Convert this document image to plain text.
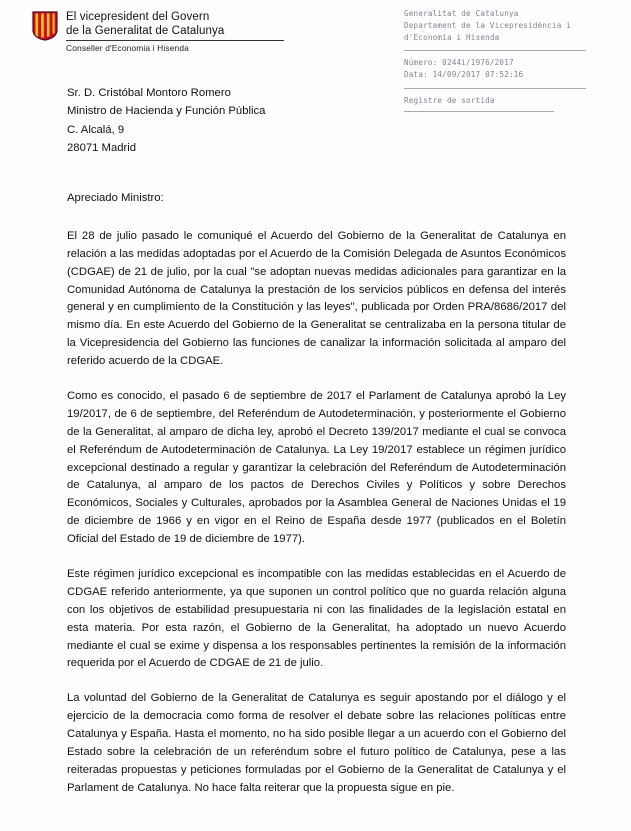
El vicepresident del Govern
de la Generalitat de Catalunya
Conseller d'Economia i Hisenda
Generalitat de Catalunya
Departament de la Vicepresidència i
d'Economia i Hisenda
Número: 0244i/1976/2017
Data: 14/09/2017 07:52:16
Registre de sortida
Sr. D. Cristóbal Montoro Romero
Ministro de Hacienda y Función Pública
C. Alcalá, 9
28071 Madrid

Apreciado Ministro:

El 28 de julio pasado le comuniqué el Acuerdo del Gobierno de la Generalitat de Catalunya en relación a las medidas adoptadas por el Acuerdo de la Comisión Delegada de Asuntos Económicos (CDGAE) de 21 de julio, por la cual "se adoptan nuevas medidas adicionales para garantizar en la Comunidad Autónoma de Catalunya la prestación de los servicios públicos en defensa del interés general y en cumplimiento de la Constitución y las leyes", publicada por Orden PRA/8686/2017 del mismo día. En este Acuerdo del Gobierno de la Generalitat se centralizaba en la persona titular de la Vicepresidencia del Gobierno las funciones de canalizar la información solicitada al amparo del referido acuerdo de la CDGAE.

Como es conocido, el pasado 6 de septiembre de 2017 el Parlament de Catalunya aprobó la Ley 19/2017, de 6 de septiembre, del Referéndum de Autodeterminación, y posteriormente el Gobierno de la Generalitat, al amparo de dicha ley, aprobó el Decreto 139/2017 mediante el cual se convoca el Referéndum de Autodeterminación de Catalunya. La Ley 19/2017 establece un régimen jurídico excepcional destinado a regular y garantizar la celebración del Referéndum de Autodeterminación de Catalunya, al amparo de los pactos de Derechos Civiles y Políticos y sobre Derechos Económicos, Sociales y Culturales, aprobados por la Asamblea General de Naciones Unidas el 19 de diciembre de 1966 y en vigor en el Reino de España desde 1977 (publicados en el Boletín Oficial del Estado de 19 de diciembre de 1977).

Este régimen jurídico excepcional es incompatible con las medidas establecidas en el Acuerdo de CDGAE referido anteriormente, ya que suponen un control político que no guarda relación alguna con los objetivos de estabilidad presupuestaria ni con las finalidades de la legislación estatal en esta materia. Por esta razón, el Gobierno de la Generalitat, ha adoptado un nuevo Acuerdo mediante el cual se exime y dispensa a los responsables pertinentes la remisión de la información requerida por el Acuerdo de CDGAE de 21 de julio.

La voluntad del Gobierno de la Generalitat de Catalunya es seguir apostando por el diálogo y el ejercicio de la democracia como forma de resolver el debate sobre las relaciones políticas entre Catalunya y España. Hasta el momento, no ha sido posible llegar a un acuerdo con el Gobierno del Estado sobre la celebración de un referéndum sobre el futuro político de Catalunya, pese a las reiteradas propuestas y peticiones formuladas por el Gobierno de la Generalitat de Catalunya y el Parlament de Catalunya. No hace falta reiterar que la propuesta sigue en pie.
